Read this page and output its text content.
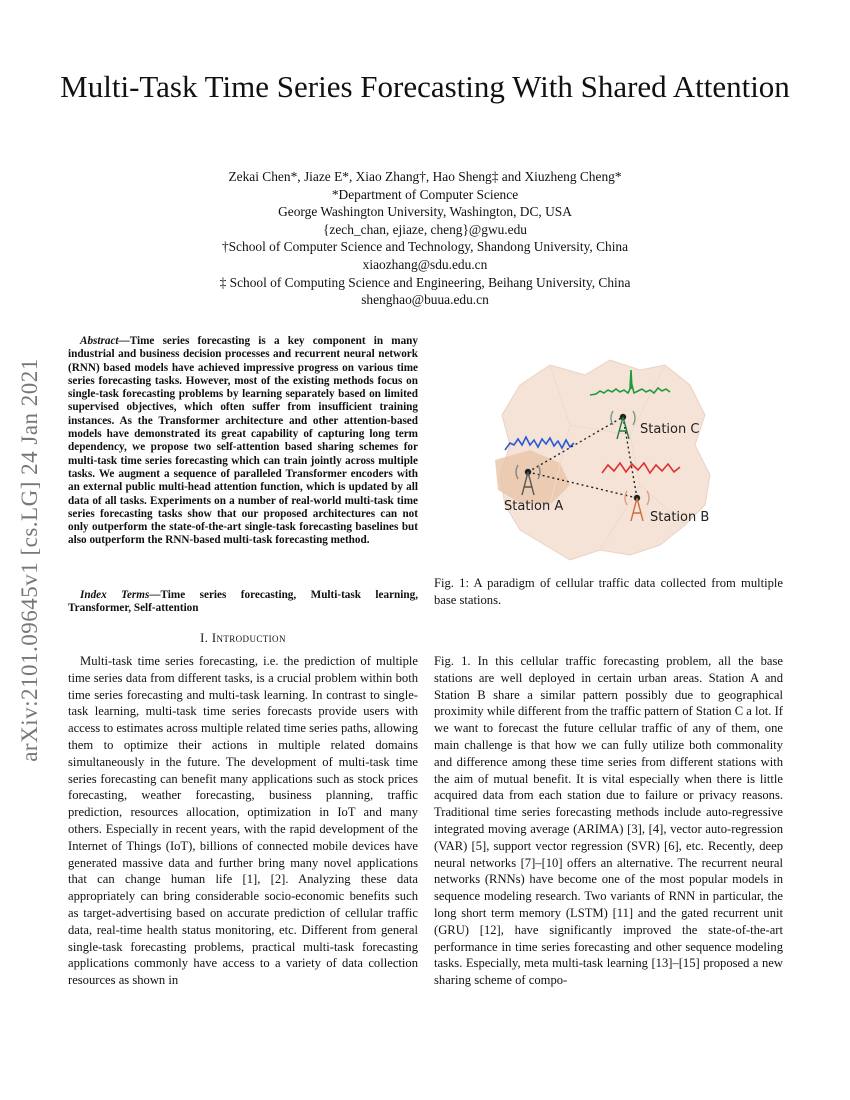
Multi-Task Time Series Forecasting With Shared Attention
Zekai Chen*, Jiaze E*, Xiao Zhang†, Hao Sheng‡ and Xiuzheng Cheng*
*Department of Computer Science
George Washington University, Washington, DC, USA
{zech_chan, ejiaze, cheng}@gwu.edu
†School of Computer Science and Technology, Shandong University, China
xiaozhang@sdu.edu.cn
‡ School of Computing Science and Engineering, Beihang University, China
shenghao@buua.edu.cn
arXiv:2101.09645v1 [cs.LG] 24 Jan 2021
Abstract—Time series forecasting is a key component in many industrial and business decision processes and recurrent neural network (RNN) based models have achieved impressive progress on various time series forecasting tasks. However, most of the existing methods focus on single-task forecasting problems by learning separately based on limited supervised objectives, which often suffer from insufficient training instances. As the Transformer architecture and other attention-based models have demonstrated its great capability of capturing long term dependency, we propose two self-attention based sharing schemes for multi-task time series forecasting which can train jointly across multiple tasks. We augment a sequence of paralleled Transformer encoders with an external public multi-head attention function, which is updated by all data of all tasks. Experiments on a number of real-world multi-task time series forecasting tasks show that our proposed architectures can not only outperform the state-of-the-art single-task forecasting baselines but also outperform the RNN-based multi-task forecasting method.
Index Terms—Time series forecasting, Multi-task learning, Transformer, Self-attention
I. Introduction
Multi-task time series forecasting, i.e. the prediction of multiple time series data from different tasks, is a crucial problem within both time series forecasting and multi-task learning. In contrast to single-task learning, multi-task time series forecasts provide users with access to estimates across multiple related time series paths, allowing them to optimize their actions in multiple related domains simultaneously in the future. The development of multi-task time series forecasting can benefit many applications such as stock prices forecasting, weather forecasting, business planning, traffic prediction, resources allocation, optimization in IoT and many others. Especially in recent years, with the rapid development of the Internet of Things (IoT), billions of connected mobile devices have generated massive data and further bring many novel applications that can change human life [1], [2]. Analyzing these data appropriately can bring considerable socio-economic benefits such as target-advertising based on accurate prediction of cellular traffic data, real-time health status monitoring, etc. Different from general single-task forecasting problems, practical multi-task forecasting applications commonly have access to a variety of data collection resources as shown in
Station C
Station A
Station B
Fig. 1: A paradigm of cellular traffic data collected from multiple base stations.
Fig. 1. In this cellular traffic forecasting problem, all the base stations are well deployed in certain urban areas. Station A and Station B share a similar pattern possibly due to geographical proximity while different from the traffic pattern of Station C a lot. If we want to forecast the future cellular traffic of any of them, one main challenge is that how we can fully utilize both commonality and difference among these time series from different stations with the aim of mutual benefit. It is vital especially when there is little acquired data from each station due to failure or privacy reasons. Traditional time series forecasting methods include auto-regressive integrated moving average (ARIMA) [3], [4], vector auto-regression (VAR) [5], support vector regression (SVR) [6], etc. Recently, deep neural networks [7]–[10] offers an alternative. The recurrent neural networks (RNNs) have become one of the most popular models in sequence modeling research. Two variants of RNN in particular, the long short term memory (LSTM) [11] and the gated recurrent unit (GRU) [12], have significantly improved the state-of-the-art performance in time series forecasting and other sequence modeling tasks. Especially, meta multi-task learning [13]–[15] proposed a new sharing scheme of compo-
